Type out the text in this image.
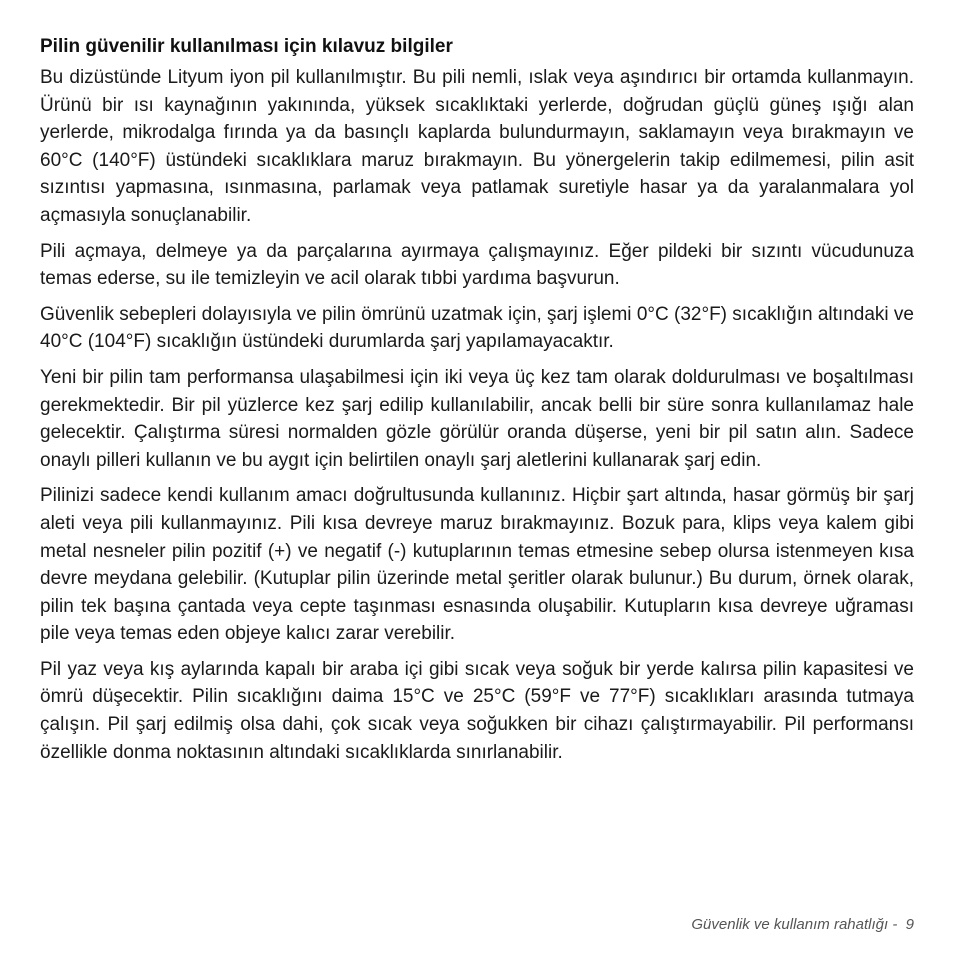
Pilin güvenilir kullanılması için kılavuz bilgiler

Bu dizüstünde Lityum iyon pil kullanılmıştır. Bu pili nemli, ıslak veya aşındırıcı bir ortamda kullanmayın. Ürünü bir ısı kaynağının yakınında, yüksek sıcaklıktaki yerlerde, doğrudan güçlü güneş ışığı alan yerlerde, mikrodalga fırında ya da basınçlı kaplarda bulundurmayın, saklamayın veya bırakmayın ve 60°C (140°F) üstündeki sıcaklıklara maruz bırakmayın. Bu yönergelerin takip edilmemesi, pilin asit sızıntısı yapmasına, ısınmasına, parlamak veya patlamak suretiyle hasar ya da yaralanmalara yol açmasıyla sonuçlanabilir.

Pili açmaya, delmeye ya da parçalarına ayırmaya çalışmayınız. Eğer pildeki bir sızıntı vücudunuza temas ederse, su ile temizleyin ve acil olarak tıbbi yardıma başvurun.

Güvenlik sebepleri dolayısıyla ve pilin ömrünü uzatmak için, şarj işlemi 0°C (32°F) sıcaklığın altındaki ve 40°C (104°F) sıcaklığın üstündeki durumlarda şarj yapılamayacaktır.

Yeni bir pilin tam performansa ulaşabilmesi için iki veya üç kez tam olarak doldurulması ve boşaltılması gerekmektedir. Bir pil yüzlerce kez şarj edilip kullanılabilir, ancak belli bir süre sonra kullanılamaz hale gelecektir. Çalıştırma süresi normalden gözle görülür oranda düşerse, yeni bir pil satın alın. Sadece onaylı pilleri kullanın ve bu aygıt için belirtilen onaylı şarj aletlerini kullanarak şarj edin.

Pilinizi sadece kendi kullanım amacı doğrultusunda kullanınız. Hiçbir şart altında, hasar görmüş bir şarj aleti veya pili kullanmayınız. Pili kısa devreye maruz bırakmayınız. Bozuk para, klips veya kalem gibi metal nesneler pilin pozitif (+) ve negatif (-) kutuplarının temas etmesine sebep olursa istenmeyen kısa devre meydana gelebilir. (Kutuplar pilin üzerinde metal şeritler olarak bulunur.) Bu durum, örnek olarak, pilin tek başına çantada veya cepte taşınması esnasında oluşabilir. Kutupların kısa devreye uğraması pile veya temas eden objeye kalıcı zarar verebilir.

Pil yaz veya kış aylarında kapalı bir araba içi gibi sıcak veya soğuk bir yerde kalırsa pilin kapasitesi ve ömrü düşecektir. Pilin sıcaklığını daima 15°C ve 25°C (59°F ve 77°F) sıcaklıkları arasında tutmaya çalışın. Pil şarj edilmiş olsa dahi, çok sıcak veya soğukken bir cihazı çalıştırmayabilir. Pil performansı özellikle donma noktasının altındaki sıcaklıklarda sınırlanabilir.

Güvenlik ve kullanım rahatlığı -  9
